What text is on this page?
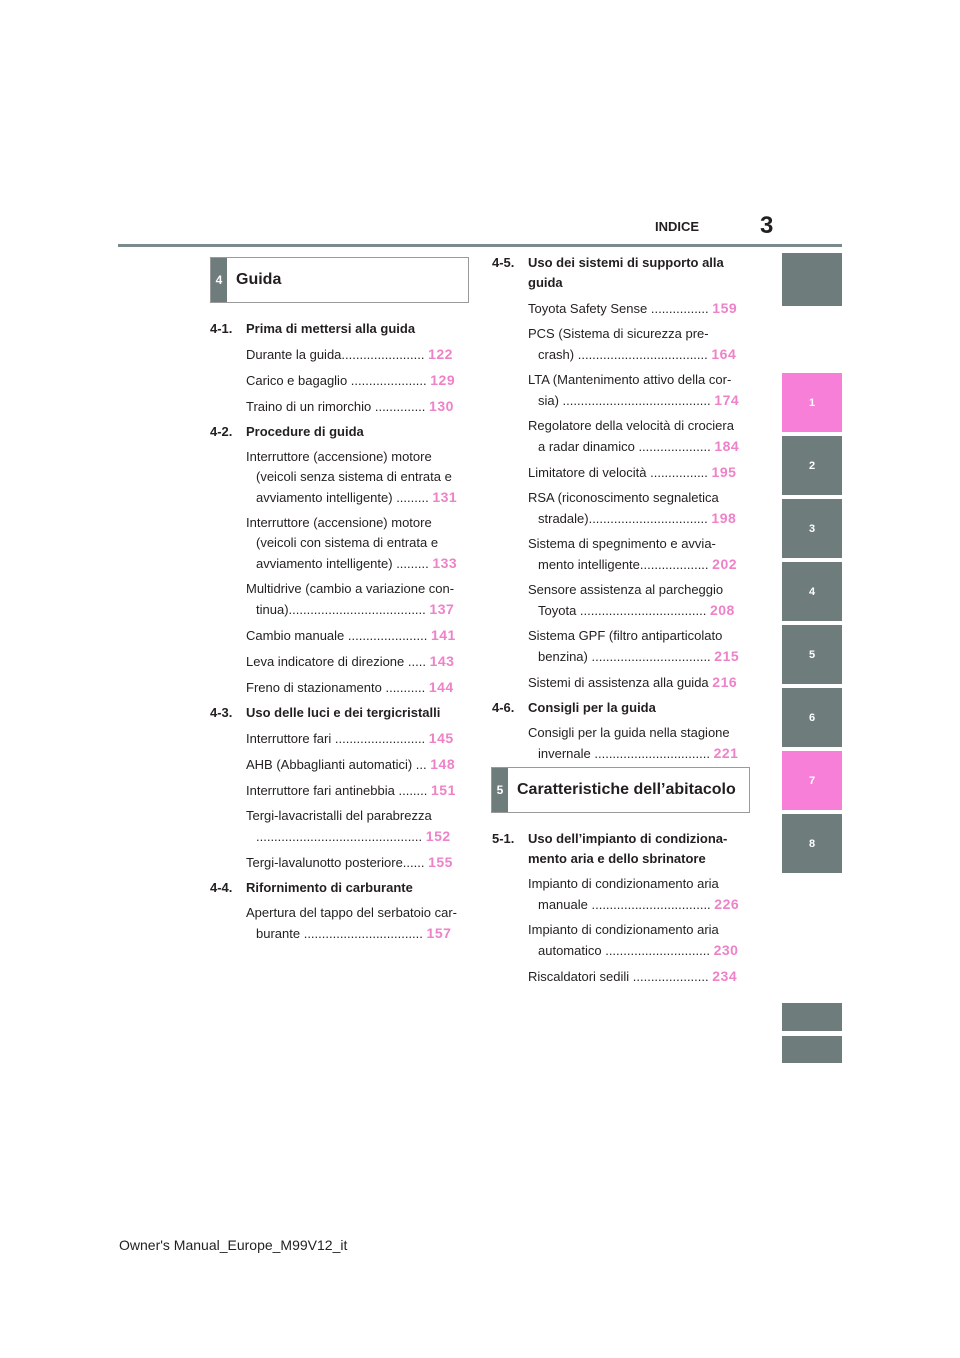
INDICE	3
4 Guida
4-1.	Prima di mettersi alla guida
Durante la guida....................... 122
Carico e bagaglio ..................... 129
Traino di un rimorchio .............. 130
4-2.	Procedure di guida
Interruttore (accensione) motore
(veicoli senza sistema di entrata e
avviamento intelligente) ......... 131
Interruttore (accensione) motore
(veicoli con sistema di entrata e
avviamento intelligente) ......... 133
Multidrive (cambio a variazione con-
tinua)...................................... 137
Cambio manuale ...................... 141
Leva indicatore di direzione ..... 143
Freno di stazionamento ........... 144
4-3.	Uso delle luci e dei tergicristalli
Interruttore fari ......................... 145
AHB (Abbaglianti automatici) ... 148
Interruttore fari antinebbia ........ 151
Tergi-lavacristalli del parabrezza
.............................................. 152
Tergi-lavalunotto posteriore...... 155
4-4.	Rifornimento di carburante
Apertura del tappo del serbatoio car-
burante ................................. 157
4-5.	Uso dei sistemi di supporto alla
guida
Toyota Safety Sense ................ 159
PCS (Sistema di sicurezza pre-
crash) .................................... 164
LTA (Mantenimento attivo della cor-
sia) ......................................... 174
Regolatore della velocità di crociera
a radar dinamico .................... 184
Limitatore di velocità ................ 195
RSA (riconoscimento segnaletica
stradale)................................. 198
Sistema di spegnimento e avvia-
mento intelligente................... 202
Sensore assistenza al parcheggio
Toyota ................................... 208
Sistema GPF (filtro antiparticolato
benzina) ................................. 215
Sistemi di assistenza alla guida 216
4-6.	Consigli per la guida
Consigli per la guida nella stagione
invernale ................................ 221
5 Caratteristiche dell’abitacolo
5-1.	Uso dell’impianto di condiziona-
mento aria e dello sbrinatore
Impianto di condizionamento aria
manuale ................................. 226
Impianto di condizionamento aria
automatico ............................. 230
Riscaldatori sedili ..................... 234
1
2
3
4
5
6
7
8
Owner's Manual_Europe_M99V12_it
